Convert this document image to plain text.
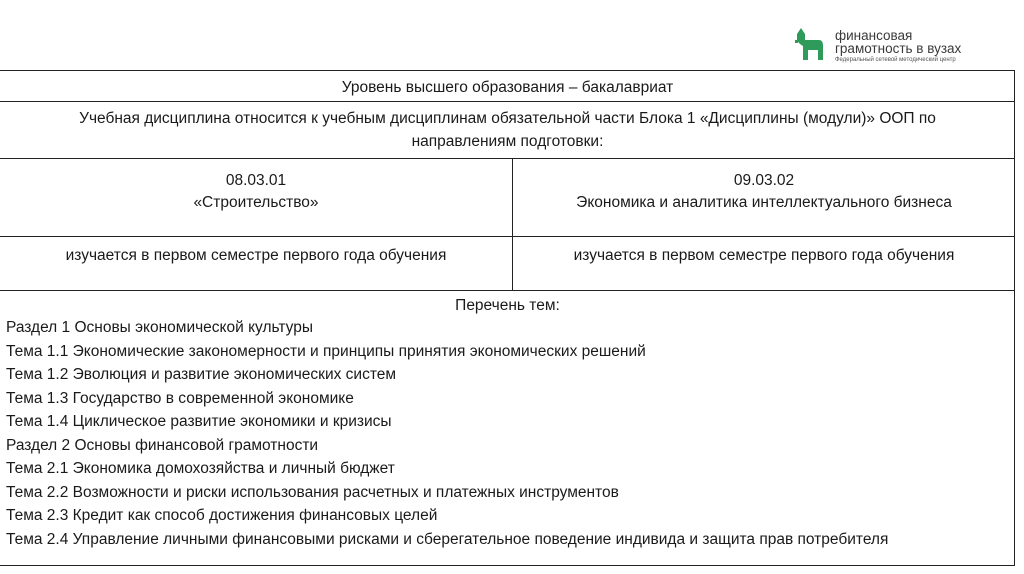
финансовая
грамотность в вузах
Федеральный сетевой методический центр
Уровень высшего образования – бакалавриат
Учебная дисциплина относится к учебным дисциплинам обязательной части Блока 1 «Дисциплины (модули)» ООП по
направлениям подготовки:
08.03.01
«Строительство»
09.03.02
Экономика и аналитика интеллектуального бизнеса
изучается в первом семестре первого года обучения	изучается в первом семестре первого года обучения
Перечень тем:
Раздел 1 Основы экономической культуры
Тема 1.1 Экономические закономерности и принципы принятия экономических решений
Тема 1.2 Эволюция и развитие экономических систем
Тема 1.3 Государство в современной экономике
Тема 1.4 Циклическое развитие экономики и кризисы
Раздел 2 Основы финансовой грамотности
Тема 2.1 Экономика домохозяйства и личный бюджет
Тема 2.2 Возможности и риски использования расчетных и платежных инструментов
Тема 2.3 Кредит как способ достижения финансовых целей
Тема 2.4 Управление личными финансовыми рисками и сберегательное поведение индивида и защита прав потребителя
